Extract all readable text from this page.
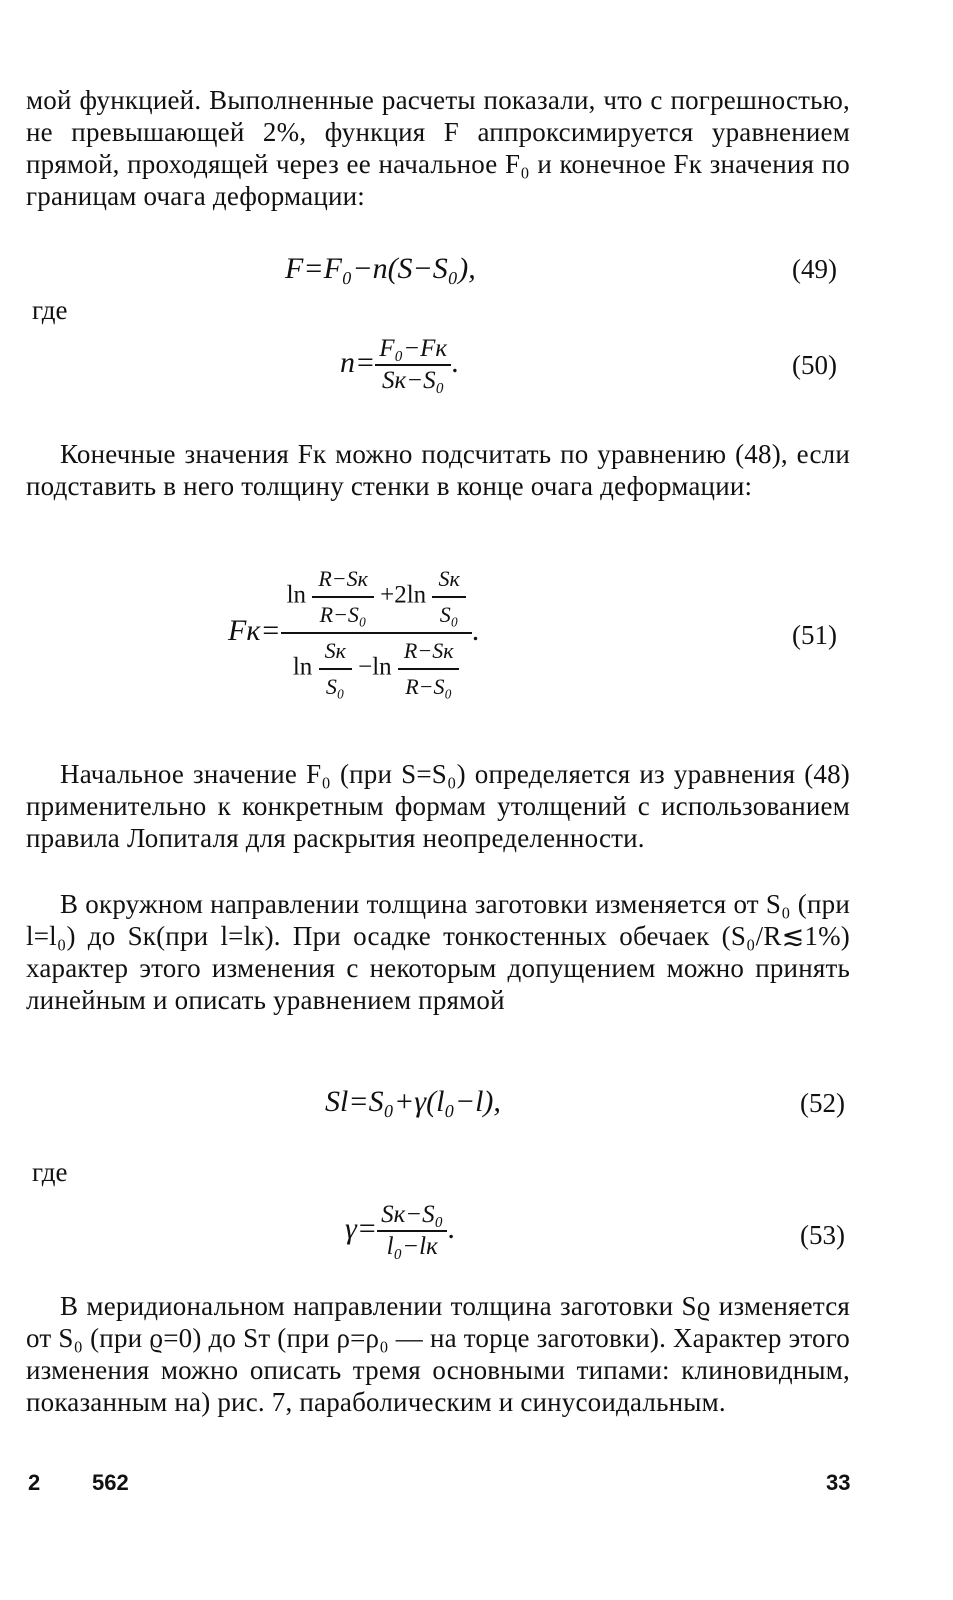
мой функцией. Выполненные расчеты показали, что с погрешностью, не превышающей 2%, функция F аппроксимируется уравнением прямой, проходящей через ее начальное F₀ и конечное Fк значения по границам очага деформации:
F=F₀−n(S−S₀),	(49)
где
$n= \frac{\text{F₀−Fк}}{\text{Sк−S₀}}$ .	(50)
Конечные значения Fк можно подсчитать по уравнению (48), если подставить в него толщину стенки в конце очага деформации:
$Fк= \frac{\ln \frac{R-Sк}{\text{R−S₀}} +2\ln \frac{Sк}{\text{S₀}}}{\ln \frac{Sк}{\text{S₀}} -\ln \frac{R-Sк}{\text{R−S₀}}}$ .	(51)
Начальное значение F₀ (при S=S₀) определяется из уравнения (48) применительно к конкретным формам утолщений с использованием правила Лопиталя для раскрытия неопределенности.
В окружном направлении толщина заготовки изменяется от S₀ (при l=l₀) до Sк(при l=lк). При осадке тонкостенных обечаек (S₀/R≲1%) характер этого изменения с некоторым допущением можно принять линейным и описать уравнением прямой
Sl=S₀+γ(l₀−l),	(52)
где
$\gamma= \frac{\text{Sк−S₀}}{\text{l₀−lк}}$ .	(53)
В меридиональном направлении толщина заготовки Sϱ изменяется от S₀ (при ϱ=0) до Sт (при ρ=ρ₀ — на торце заготовки). Характер этого изменения можно описать тремя основными типами: клиновидным, показанным на) рис. 7, параболическим и синусоидальным.
2 562	33
